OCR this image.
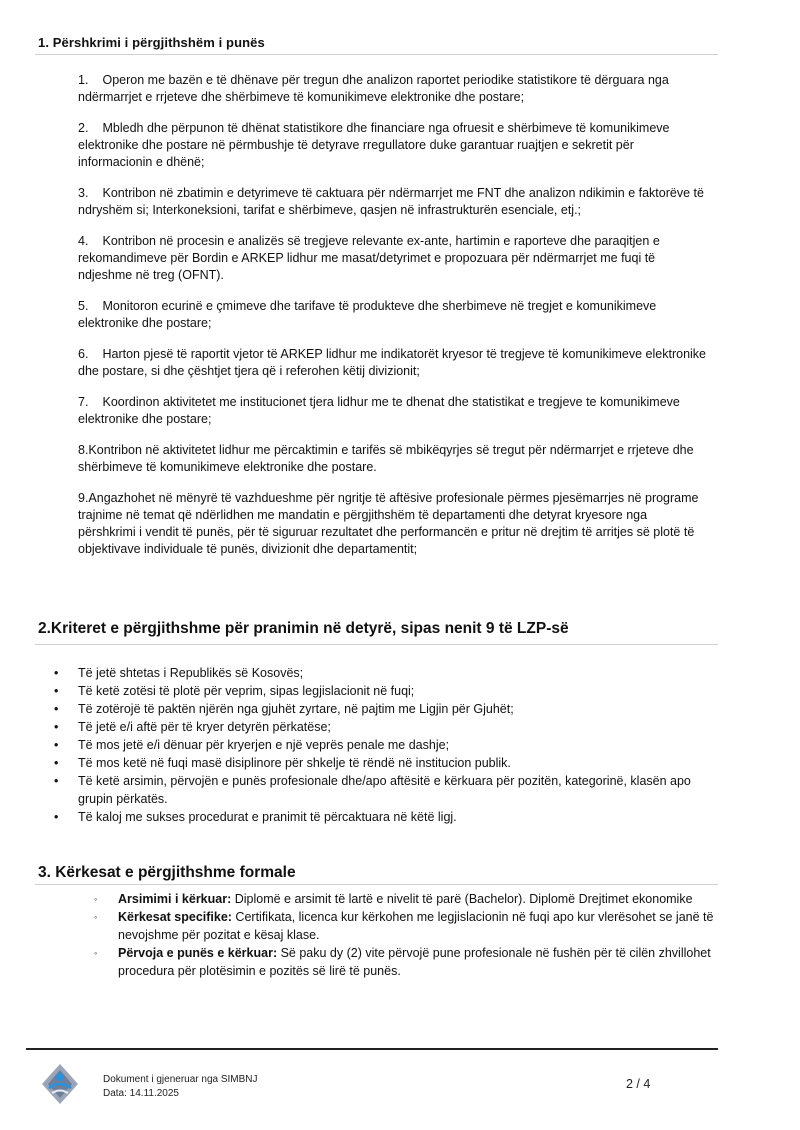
1. Përshkrimi i përgjithshëm i punës

1. Operon me bazën e të dhënave për tregun dhe analizon raportet periodike statistikore të dërguara nga ndërmarrjet e rrjeteve dhe shërbimeve të komunikimeve elektronike dhe postare;

2. Mbledh dhe përpunon të dhënat statistikore dhe financiare nga ofruesit e shërbimeve të komunikimeve elektronike dhe postare në përmbushje të detyrave rregullatore duke garantuar ruajtjen e sekretit për informacionin e dhënë;

3. Kontribon në zbatimin e detyrimeve të caktuara për ndërmarrjet me FNT dhe analizon ndikimin e faktorëve të ndryshëm si; Interkoneksioni, tarifat e shërbimeve, qasjen në infrastrukturën esenciale, etj.;

4. Kontribon në procesin e analizës së tregjeve relevante ex-ante, hartimin e raporteve dhe paraqitjen e rekomandimeve për Bordin e ARKEP lidhur me masat/detyrimet e propozuara për ndërmarrjet me fuqi të ndjeshme në treg (OFNT).

5. Monitoron ecurinë e çmimeve dhe tarifave të produkteve dhe sherbimeve në tregjet e komunikimeve elektronike dhe postare;

6. Harton pjesë të raportit vjetor të ARKEP lidhur me indikatorët kryesor të tregjeve të komunikimeve elektronike dhe postare, si dhe çështjet tjera që i referohen këtij divizionit;

7. Koordinon aktivitetet me institucionet tjera lidhur me te dhenat dhe statistikat e tregjeve te komunikimeve elektronike dhe postare;

8.Kontribon në aktivitetet lidhur me përcaktimin e tarifës së mbikëqyrjes së tregut për ndërmarrjet e rrjeteve dhe shërbimeve të komunikimeve elektronike dhe postare.

9.Angazhohet në mënyrë të vazhdueshme për ngritje të aftësive profesionale përmes pjesëmarrjes në programe trajnime në temat që ndërlidhen me mandatin e përgjithshëm të departamenti dhe detyrat kryesore nga përshkrimi i vendit të punës, për të siguruar rezultatet dhe performancën e pritur në drejtim të arritjes së plotë të objektivave individuale të punës, divizionit dhe departamentit;

2.Kriteret e përgjithshme për pranimin në detyrë, sipas nenit 9 të LZP-së
•	Të jetë shtetas i Republikës së Kosovës;
•	Të ketë zotësi të plotë për veprim, sipas legjislacionit në fuqi;
•	Të zotërojë të paktën njërën nga gjuhët zyrtare, në pajtim me Ligjin për Gjuhët;
•	Të jetë e/i aftë për të kryer detyrën përkatëse;
•	Të mos jetë e/i dënuar për kryerjen e një veprës penale me dashje;
•	Të mos ketë në fuqi masë disiplinore për shkelje të rëndë në institucion publik.
•	Të ketë arsimin, përvojën e punës profesionale dhe/apo aftësitë e kërkuara për pozitën, kategorinë, klasën apo grupin përkatës.
•	Të kaloj me sukses procedurat e pranimit të përcaktuara në këtë ligj.
3. Kërkesat e përgjithshme formale
◦ Arsimimi i kërkuar: Diplomë e arsimit të lartë e nivelit të parë (Bachelor). Diplomë Drejtimet ekonomike
◦ Kërkesat specifike: Certifikata, licenca kur kërkohen me legjislacionin në fuqi apo kur vlerësohet se janë të nevojshme për pozitat e kësaj klase.
◦ Përvoja e punës e kërkuar: Së paku dy (2) vite përvojë pune profesionale në fushën për të cilën zhvillohet procedura për plotësimin e pozitës së lirë të punës.
Dokument i gjeneruar nga SIMBNJ
Data: 14.11.2025
2 / 4
